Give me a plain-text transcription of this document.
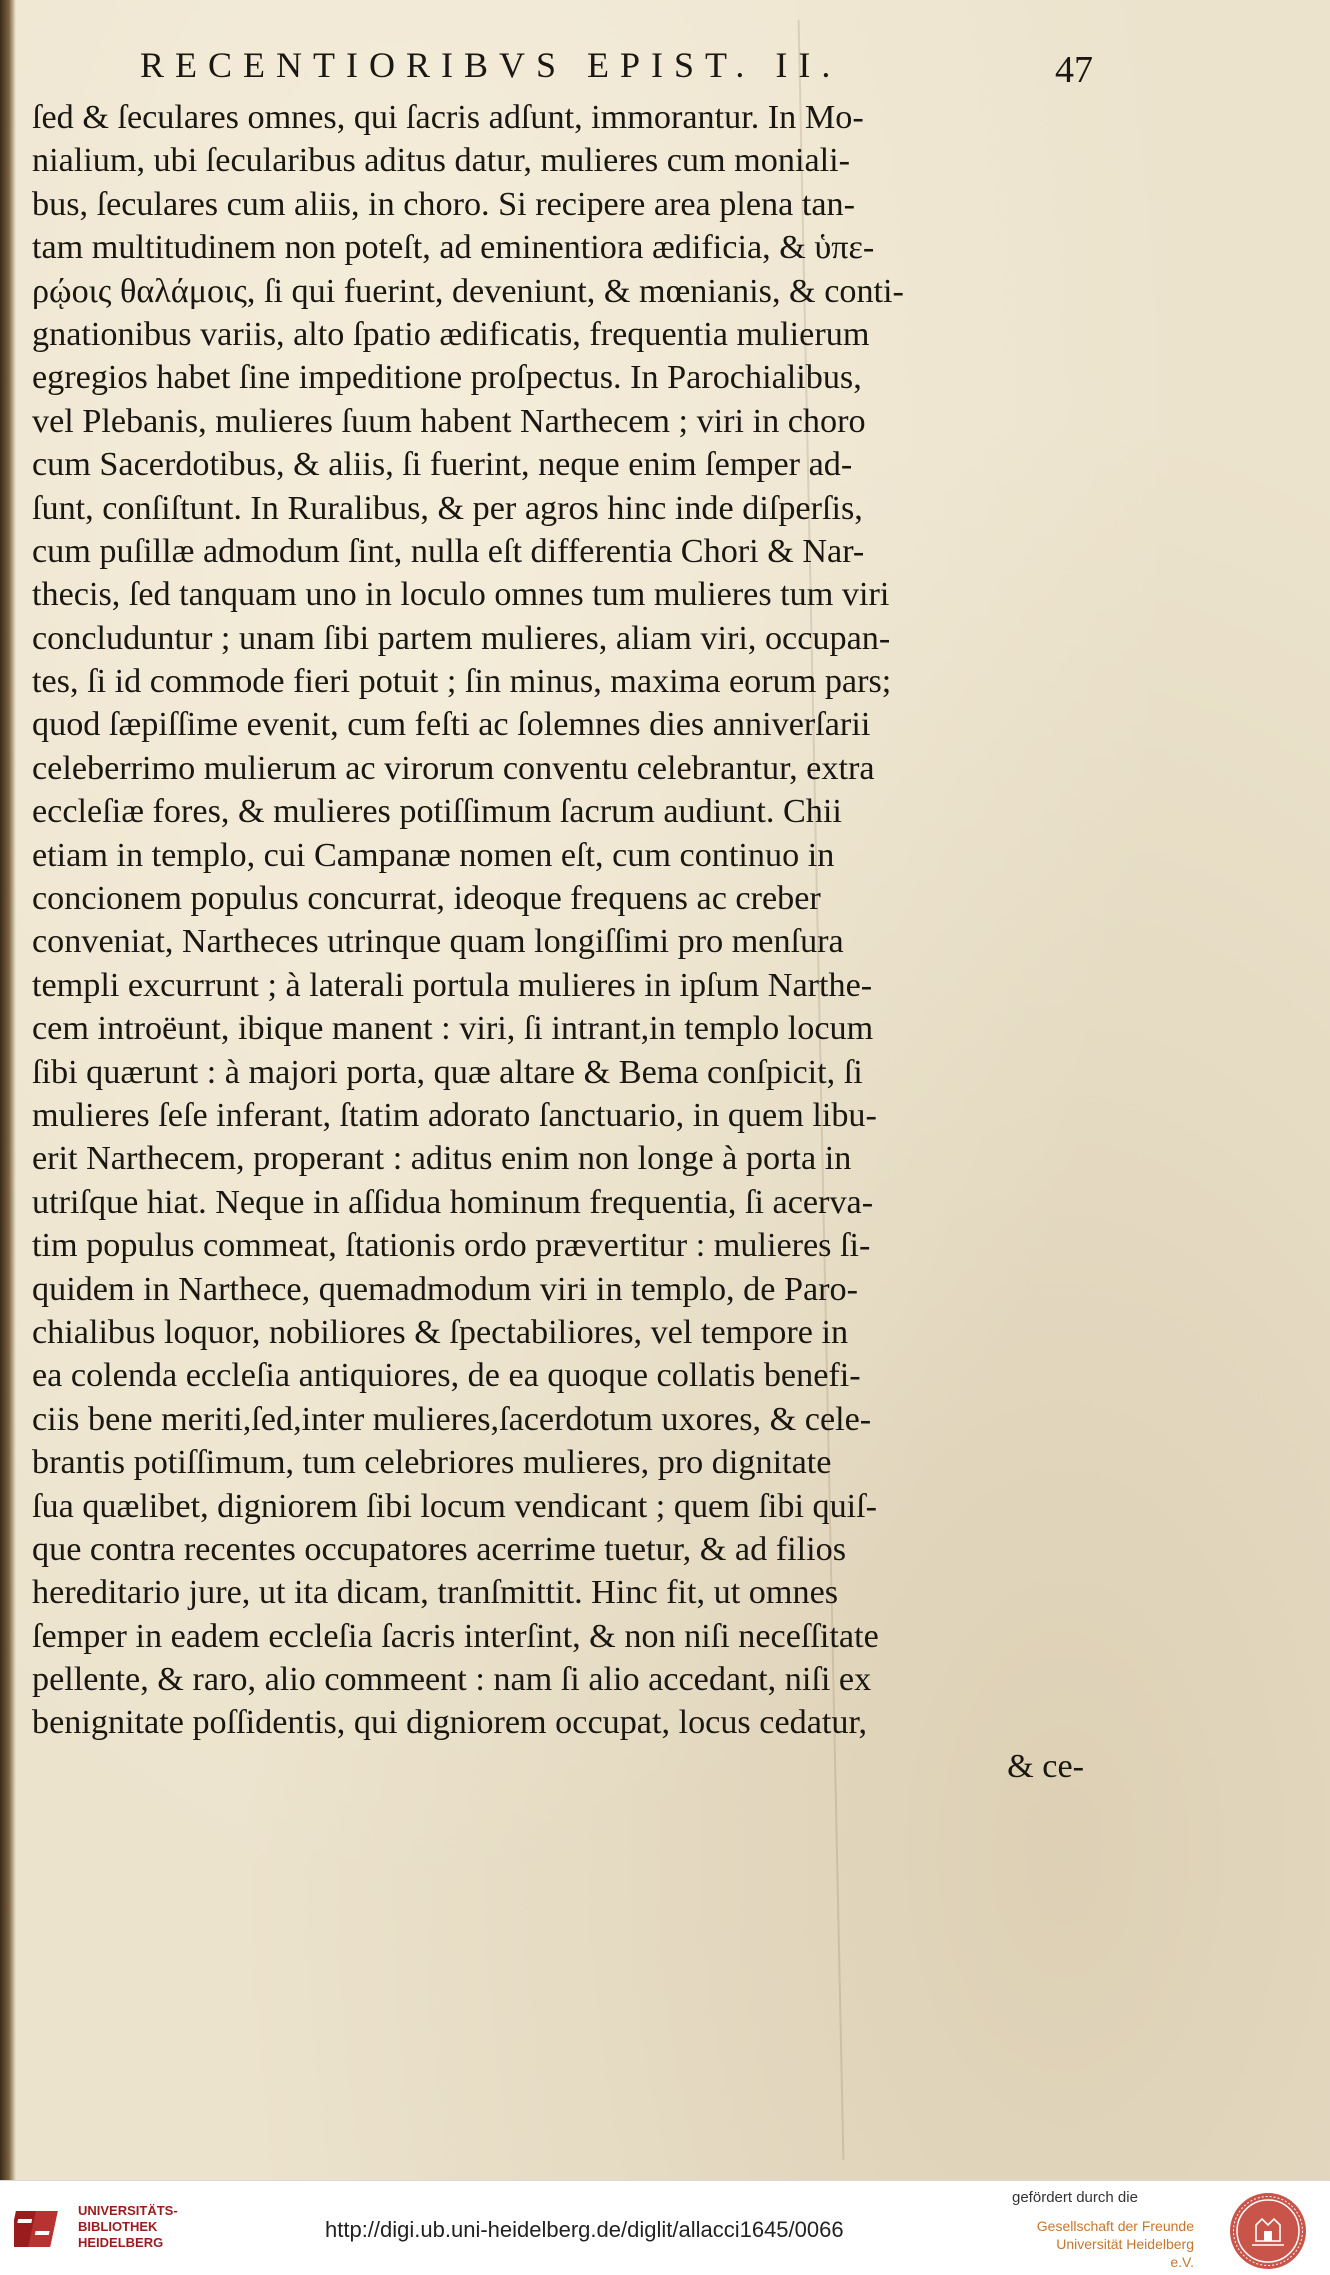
RECENTIORIBVS EPIST. II.	47
ſed & ſeculares omnes, qui ſacris adſunt, immorantur. In Mo-
nialium, ubi ſecularibus aditus datur, mulieres cum moniali-
bus, ſeculares cum aliis, in choro. Si recipere area plena tan-
tam multitudinem non poteſt, ad eminentiora ædificia, & ὑπε-
ρῴοις θαλάμοις, ſi qui fuerint, deveniunt, & mœnianis, & conti-
gnationibus variis, alto ſpatio ædificatis, frequentia mulierum
egregios habet ſine impeditione proſpectus. In Parochialibus,
vel Plebanis, mulieres ſuum habent Narthecem ; viri in choro
cum Sacerdotibus, & aliis, ſi fuerint, neque enim ſemper ad-
ſunt, conſiſtunt. In Ruralibus, & per agros hinc inde diſperſis,
cum puſillæ admodum ſint, nulla eſt differentia Chori & Nar-
thecis, ſed tanquam uno in loculo omnes tum mulieres tum viri
concluduntur ; unam ſibi partem mulieres, aliam viri, occupan-
tes, ſi id commode fieri potuit ; ſin minus, maxima eorum pars;
quod ſæpiſſime evenit, cum feſti ac ſolemnes dies anniverſarii
celeberrimo mulierum ac virorum conventu celebrantur, extra
eccleſiæ fores, & mulieres potiſſimum ſacrum audiunt. Chii
etiam in templo, cui Campanæ nomen eſt, cum continuo in
concionem populus concurrat, ideoque frequens ac creber
conveniat, Nartheces utrinque quam longiſſimi pro menſura
templi excurrunt ; à laterali portula mulieres in ipſum Narthe-
cem introëunt, ibique manent : viri, ſi intrant,in templo locum
ſibi quærunt : à majori porta, quæ altare & Bema conſpicit, ſi
mulieres ſeſe inferant, ſtatim adorato ſanctuario, in quem libu-
erit Narthecem, properant : aditus enim non longe à porta in
utriſque hiat. Neque in aſſidua hominum frequentia, ſi acerva-
tim populus commeat, ſtationis ordo prævertitur : mulieres ſi-
quidem in Narthece, quemadmodum viri in templo, de Paro-
chialibus loquor, nobiliores & ſpectabiliores, vel tempore in
ea colenda eccleſia antiquiores, de ea quoque collatis benefi-
ciis bene meriti,ſed,inter mulieres,ſacerdotum uxores, & cele-
brantis potiſſimum, tum celebriores mulieres, pro dignitate
ſua quælibet, digniorem ſibi locum vendicant ; quem ſibi quiſ-
que contra recentes occupatores acerrime tuetur, & ad filios
hereditario jure, ut ita dicam, tranſmittit. Hinc fit, ut omnes
ſemper in eadem eccleſia ſacris interſint, & non niſi neceſſitate
pellente, & raro, alio commeent : nam ſi alio accedant, niſi ex
benignitate poſſidentis, qui digniorem occupat, locus cedatur,
& ce-
UNIVERSITÄTS-
BIBLIOTHEK
HEIDELBERG
http://digi.ub.uni-heidelberg.de/diglit/allacci1645/0066
gefördert durch die
Gesellschaft der Freunde
Universität Heidelberg e.V.
